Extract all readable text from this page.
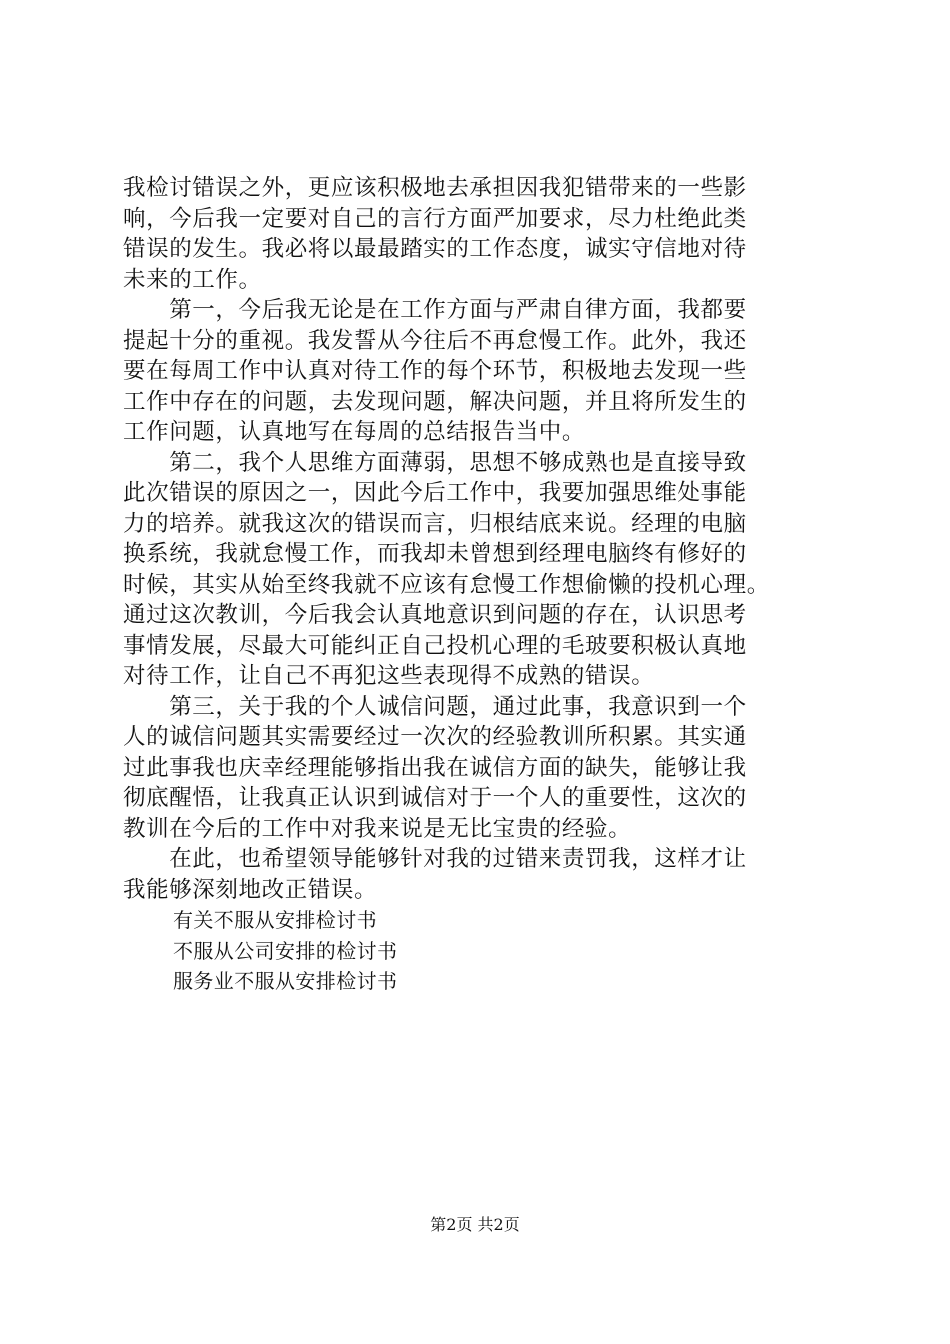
我检讨错误之外，更应该积极地去承担因我犯错带来的一些影
响，今后我一定要对自己的言行方面严加要求，尽力杜绝此类
错误的发生。我必将以最最踏实的工作态度，诚实守信地对待
未来的工作。
　　第一，今后我无论是在工作方面与严肃自律方面，我都要
提起十分的重视。我发誓从今往后不再怠慢工作。此外，我还
要在每周工作中认真对待工作的每个环节，积极地去发现一些
工作中存在的问题，去发现问题，解决问题，并且将所发生的
工作问题，认真地写在每周的总结报告当中。
　　第二，我个人思维方面薄弱，思想不够成熟也是直接导致
此次错误的原因之一，因此今后工作中，我要加强思维处事能
力的培养。就我这次的错误而言，归根结底来说。经理的电脑
换系统，我就怠慢工作，而我却未曾想到经理电脑终有修好的
时候，其实从始至终我就不应该有怠慢工作想偷懒的投机心理。
通过这次教训，今后我会认真地意识到问题的存在，认识思考
事情发展，尽最大可能纠正自己投机心理的毛玻要积极认真地
对待工作，让自己不再犯这些表现得不成熟的错误。
　　第三，关于我的个人诚信问题，通过此事，我意识到一个
人的诚信问题其实需要经过一次次的经验教训所积累。其实通
过此事我也庆幸经理能够指出我在诚信方面的缺失，能够让我
彻底醒悟，让我真正认识到诚信对于一个人的重要性，这次的
教训在今后的工作中对我来说是无比宝贵的经验。
　　在此，也希望领导能够针对我的过错来责罚我，这样才让
我能够深刻地改正错误。
有关不服从安排检讨书
不服从公司安排的检讨书
服务业不服从安排检讨书
第2页 共2页
